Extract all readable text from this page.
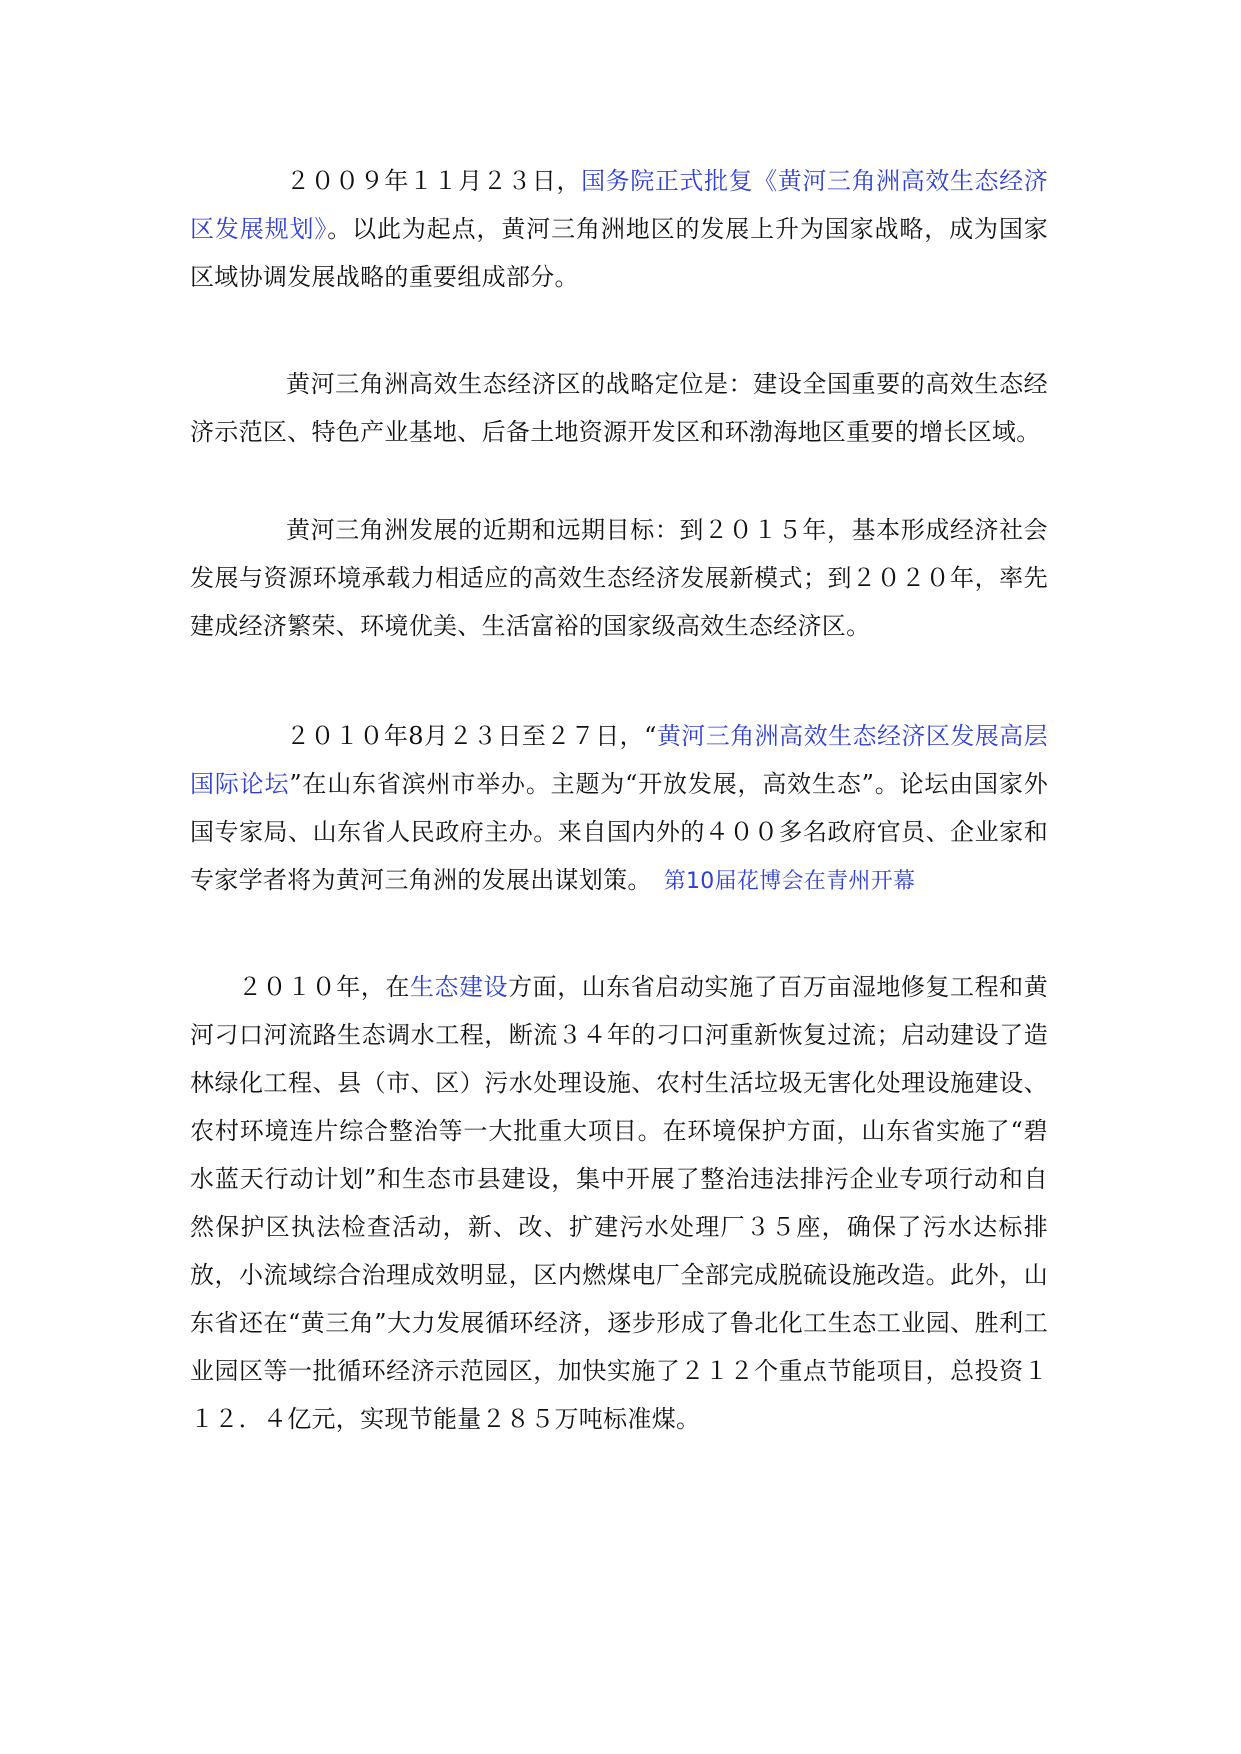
２００９年１１月２３日，国务院正式批复《黄河三角洲高效生态经济区发展规划》。以此为起点，黄河三角洲地区的发展上升为国家战略，成为国家区域协调发展战略的重要组成部分。

黄河三角洲高效生态经济区的战略定位是：建设全国重要的高效生态经济示范区、特色产业基地、后备土地资源开发区和环渤海地区重要的增长区域。

黄河三角洲发展的近期和远期目标：到２０１５年，基本形成经济社会发展与资源环境承载力相适应的高效生态经济发展新模式；到２０２０年，率先建成经济繁荣、环境优美、生活富裕的国家级高效生态经济区。

２０１０年8月２３日至２７日，“黄河三角洲高效生态经济区发展高层国际论坛”在山东省滨州市举办。主题为“开放发展，高效生态”。论坛由国家外国专家局、山东省人民政府主办。来自国内外的４００多名政府官员、企业家和专家学者将为黄河三角洲的发展出谋划策。 第10届花博会在青州开幕

２０１０年，在生态建设方面，山东省启动实施了百万亩湿地修复工程和黄河刁口河流路生态调水工程，断流３４年的刁口河重新恢复过流；启动建设了造林绿化工程、县（市、区）污水处理设施、农村生活垃圾无害化处理设施建设、农村环境连片综合整治等一大批重大项目。在环境保护方面，山东省实施了“碧水蓝天行动计划”和生态市县建设，集中开展了整治违法排污企业专项行动和自然保护区执法检查活动，新、改、扩建污水处理厂３５座，确保了污水达标排放，小流域综合治理成效明显，区内燃煤电厂全部完成脱硫设施改造。此外，山东省还在“黄三角”大力发展循环经济，逐步形成了鲁北化工生态工业园、胜利工业园区等一批循环经济示范园区，加快实施了２１２个重点节能项目，总投资１１２．４亿元，实现节能量２８５万吨标准煤。
